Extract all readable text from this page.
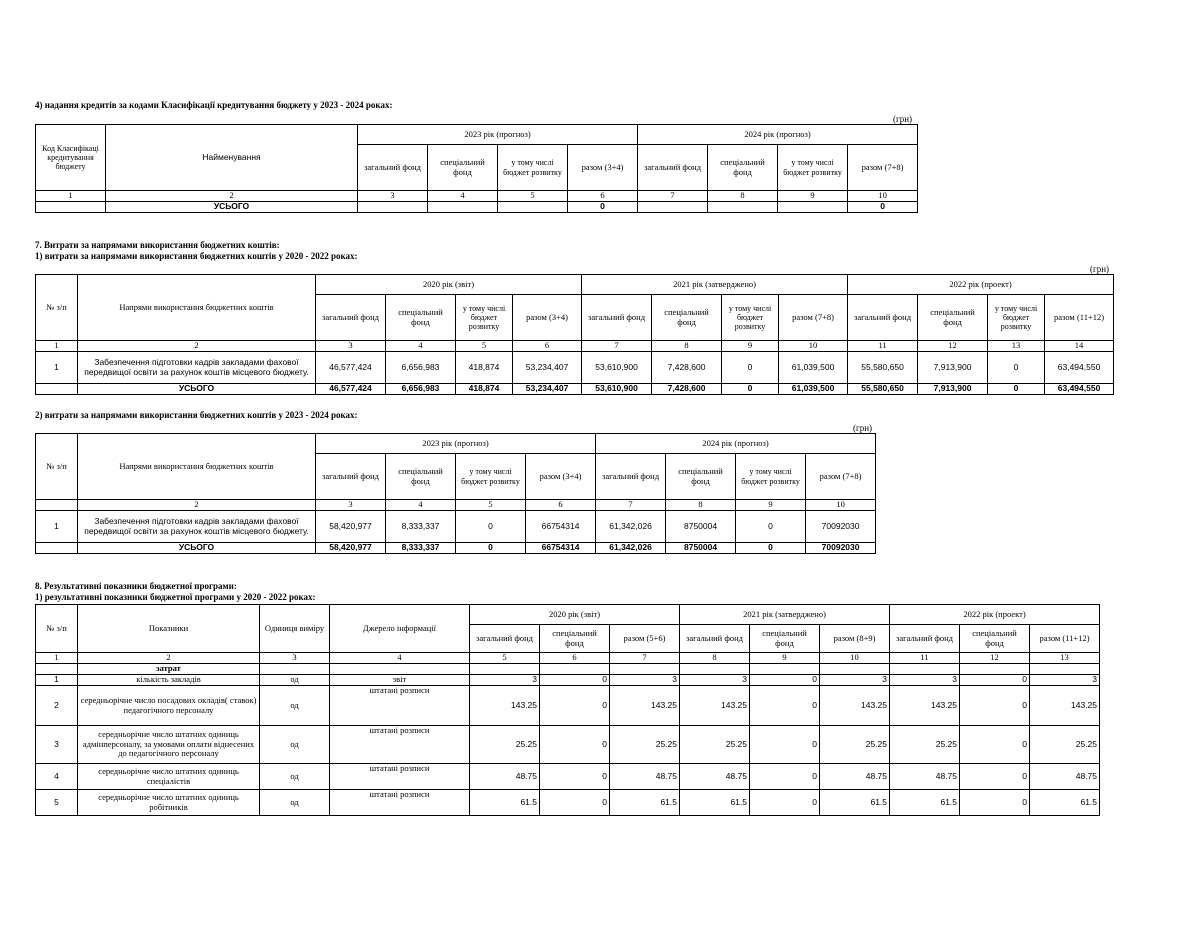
4) надання кредитів за кодами Класифікації кредитування бюджету у 2023 - 2024 роках:
(грн)
Код Класифікаці кредитування бюджету	Найменування	2023 рік (прогноз)				2024 рік (прогноз)			
		загальний фонд	спеціальний фонд	у тому числі бюджет розвитку	разом (3+4)	загальний фонд	спеціальний фонд	у тому числі бюджет розвитку	разом (7+8)
1	2	3	4	5	6	7	8	9	10
	УСЬОГО				0				0
7. Витрати за напрямами використання бюджетних коштів:
1) витрати за напрямами використання бюджетних коштів у 2020 - 2022 роках:
(грн)
№ з/п	Напрями використання бюджетних коштів	2020 рік (звіт)				2021 рік (затверджено)				2022 рік (проект)			
		загальний фонд	спеціальний фонд	у тому числі бюджет розвитку	разом (3+4)	загальний фонд	спеціальний фонд	у тому числі бюджет розвитку	разом (7+8)	загальний фонд	спеціальний фонд	у тому числі бюджет розвитку	разом (11+12)
1	2	3	4	5	6	7	8	9	10	11	12	13	14
1	Забезпечення підготовки кадрів закладами фахової передвищої освіти за рахунок коштів місцевого бюджету.	46,577,424	6,656,983	418,874	53,234,407	53,610,900	7,428,600	0	61,039,500	55,580,650	7,913,900	0	63,494,550
	УСЬОГО	46,577,424	6,656,983	418,874	53,234,407	53,610,900	7,428,600	0	61,039,500	55,580,650	7,913,900	0	63,494,550
2) витрати за напрямами використання бюджетних коштів у 2023 - 2024 роках:
(грн)
№ з/п	Напрями використання бюджетних коштів	2023 рік (прогноз)				2024 рік (прогноз)			
		загальний фонд	спеціальний фонд	у тому числі бюджет розвитку	разом (3+4)	загальний фонд	спеціальний фонд	у тому числі бюджет розвитку	разом (7+8)
	2	3	4	5	6	7	8	9	10
1	Забезпечення підготовки кадрів закладами фахової передвищої освіти за рахунок коштів місцевого бюджету.	58,420,977	8,333,337	0	66754314	61,342,026	8750004	0	70092030
	УСЬОГО	58,420,977	8,333,337	0	66754314	61,342,026	8750004	0	70092030
8. Результативні показники бюджетної програми:
1) результативні показники бюджетної програми у 2020 - 2022 роках:
№ з/п	Показники	Одиниця виміру	Джерело інформації	2020 рік (звіт)			2021 рік (затверджено)			2022 рік (проект)		
				загальний фонд	спеціальний фонд	разом (5+6)	загальний фонд	спеціальний фонд	разом (8+9)	загальний фонд	спеціальний фонд	разом (11+12)
1	2	3	4	5	6	7	8	9	10	11	12	13
	затрат											
1	кількість закладів	од	звіт	3	0	3	3	0	3	3	0	3
2	середньорічне число посадових окладів( ставок) педагогічного персоналу	од	штатані розписи	143.25	0	143.25	143.25	0	143.25	143.25	0	143.25
3	середньорічне число штатних одиниць адмінперсоналу, за умовами оплати віднесених до педагогічного персоналу	од	штатані розписи	25.25	0	25.25	25.25	0	25.25	25.25	0	25.25
4	середньорічне число штатних одиниць спеціалістів	од	штатані розписи	48.75	0	48.75	48.75	0	48.75	48.75	0	48.75
5	середньорічне число штатних одиниць робітників	од	штатані розписи	61.5	0	61.5	61.5	0	61.5	61.5	0	61.5
